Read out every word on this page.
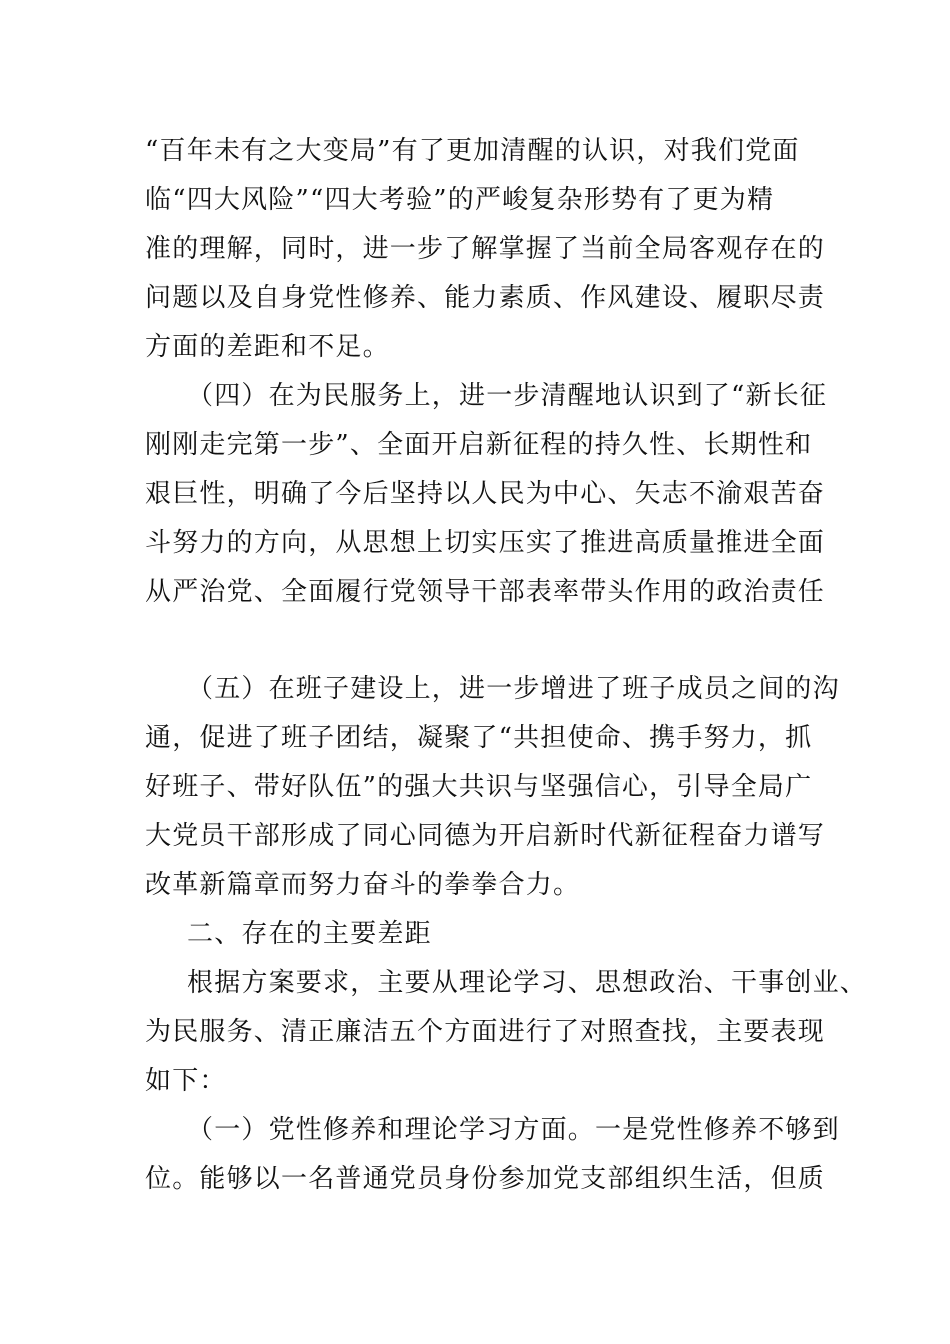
“百年未有之大变局”有了更加清醒的认识，对我们党面
临“四大风险”“四大考验”的严峻复杂形势有了更为精
准的理解，同时，进一步了解掌握了当前全局客观存在的
问题以及自身党性修养、能力素质、作风建设、履职尽责
方面的差距和不足。
（四）在为民服务上，进一步清醒地认识到了“新长征
刚刚走完第一步”、全面开启新征程的持久性、长期性和
艰巨性，明确了今后坚持以人民为中心、矢志不渝艰苦奋
斗努力的方向，从思想上切实压实了推进高质量推进全面
从严治党、全面履行党领导干部表率带头作用的政治责任
（五）在班子建设上，进一步增进了班子成员之间的沟
通，促进了班子团结，凝聚了“共担使命、携手努力，抓
好班子、带好队伍”的强大共识与坚强信心，引导全局广
大党员干部形成了同心同德为开启新时代新征程奋力谱写
改革新篇章而努力奋斗的拳拳合力。
二、存在的主要差距
根据方案要求，主要从理论学习、思想政治、干事创业、
为民服务、清正廉洁五个方面进行了对照查找，主要表现
如下：
（一）党性修养和理论学习方面。一是党性修养不够到
位。能够以一名普通党员身份参加党支部组织生活，但质
